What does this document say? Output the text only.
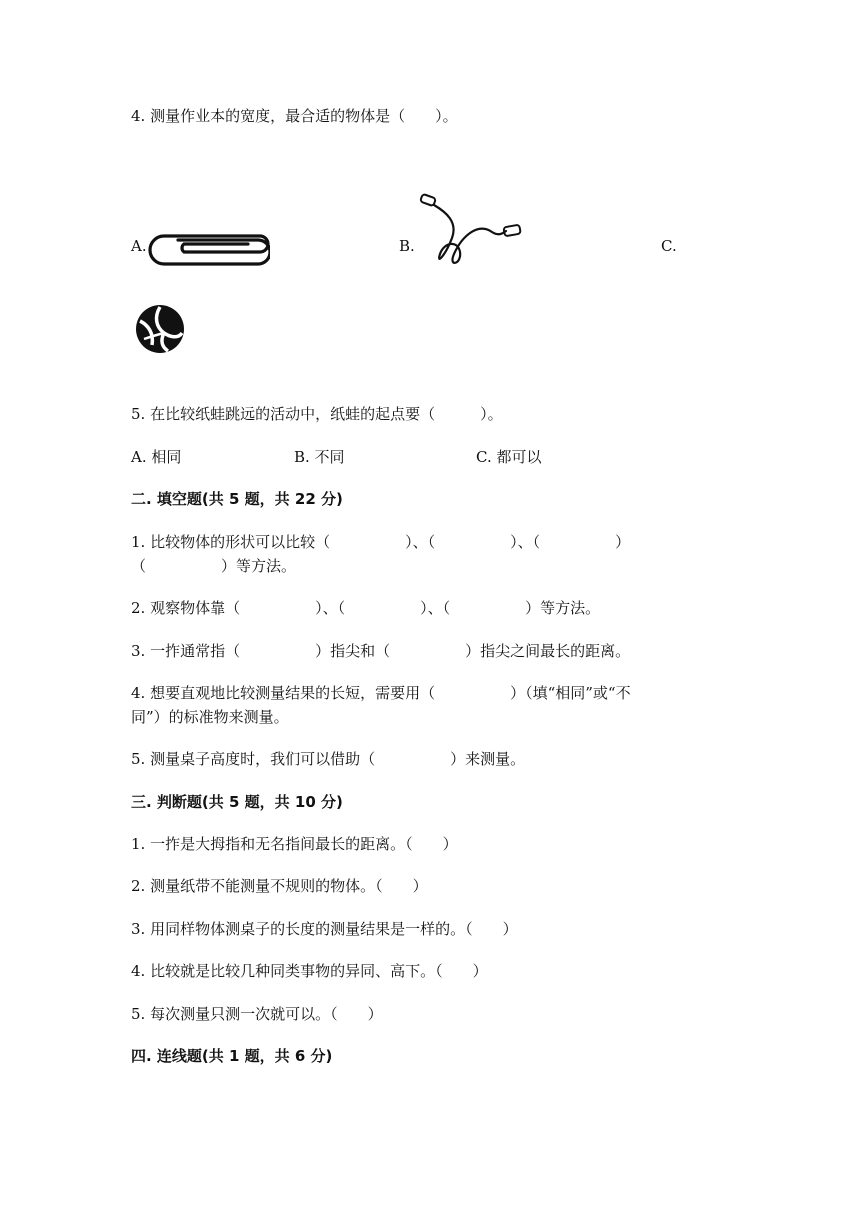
4. 测量作业本的宽度，最合适的物体是（　　）。
A.	B.	C.
5. 在比较纸蛙跳远的活动中，纸蛙的起点要（　　　）。
A. 相同	B. 不同	C. 都可以
二. 填空题(共 5 题，共 22 分)
1. 比较物体的形状可以比较（　　　　　）、（　　　　　）、（　　　　　）
（　　　　　）等方法。
2. 观察物体靠（　　　　　）、（　　　　　）、（　　　　　）等方法。
3. 一拃通常指（　　　　　）指尖和（　　　　　）指尖之间最长的距离。
4. 想要直观地比较测量结果的长短，需要用（　　　　　）（填“相同”或“不
同”）的标准物来测量。
5. 测量桌子高度时，我们可以借助（　　　　　）来测量。
三. 判断题(共 5 题，共 10 分)
1. 一拃是大拇指和无名指间最长的距离。（　　）
2. 测量纸带不能测量不规则的物体。（　　）
3. 用同样物体测桌子的长度的测量结果是一样的。（　　）
4. 比较就是比较几种同类事物的异同、高下。（　　）
5. 每次测量只测一次就可以。（　　）
四. 连线题(共 1 题，共 6 分)
